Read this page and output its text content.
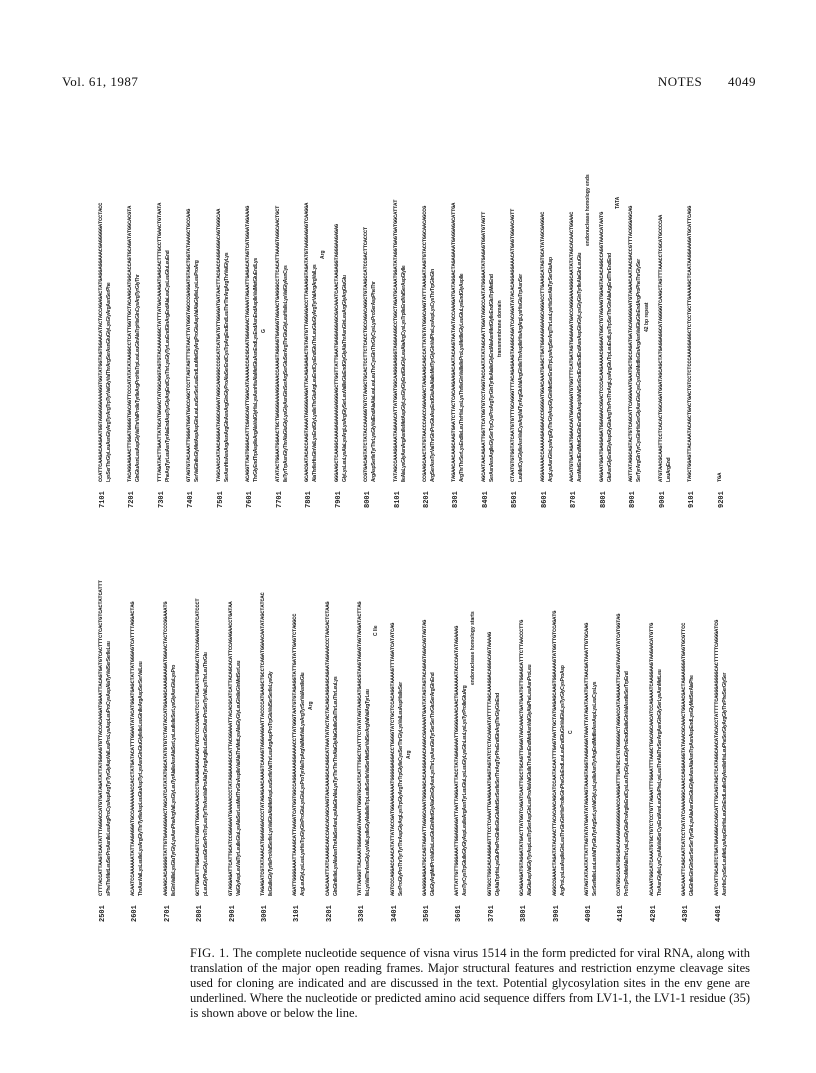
Vol. 61, 1987	NOTES 4049
2501
CTTTACCATTAAGTCAATATTTAGGACCATGTGATAGATATTATGGAAGTGTTACCACAAGATGGAATTACAGTGATGTCACTTTCTCACTGTCACTATCATTT sPheThrMetLeuSerProAsnIleLeuArgProCysAspArgTyrTyrGlyAspValLeuProLysAspLeuProCysAspAlaTyrValSerSerIleLeu
2601
ACAATCCAAAAAATATTAAGAGGATGCCAAAAAAACCACCTATGATACATTTGGAATATACATGGATGAGCTATTATGGGAGTCATTTTAGGACTAG ThrAsnValLysLeuIleLysArgGlyThrTyrIleAspLeuGluAspTyrLysAsnGlnGluGlyIleIleLeuGlnIleArgAspSerSerValLeu
2701
AAGAGCACAGGGGTATTGTGAAAGGAACTAGCATCATATATGGCATATGTGTCTAGTACCATGGAAGCAAAGAAAGATGGAACTACTCCCGGAAATG IleGlnValIleLysGluTyrGlyLysAsnPheArgValLysGlyLeuTyrAlaIleAsnAlaSerLysLeuIleIleSerLysGlyAsnGluLysPro
2801
GCTTGGATTTGGACAGTCCTAGGTTGGAAACAACCCTGAAGAGAACAACTACCTCCCAAACTCCTTACAATCTGAGACTATCCAGAAGTATCATCCCT pLeuGlyPheGlyLeuGlnSerProTrpLeuTyrThrAsnValProAlaTyrArgArgIleLeuSerGlnAsnProSerTyrValLysThrLeuThrGlu
2901
GTAGGAGATTCATTGCATCCGGAGAATGAAAACCCTATAGGAAAGCCATTACGGAAATTACACGCATCATTACAGCACATTCCAGAGAACCTGATAA ValGlyAspLeuValTyrLeuIleGluLysAlaSerLeuMetThrGlnAspIleValAlaThrMetLysAlaGlyGlyLeuGlnIleGlnMetSerLeu
3001
TAGAGATCGTATAAACATGGAGAGACCCTATAGAGAACAAAGTCAAAGTAGGAAGAATTACCCCATGAAGCTGCCTCAGATGGAACAATATAGCTATCAC IleGluIleGlyTyrIleProValSerIleLysValGluAlaMetAspLeuSerIleValThrLeuArgAspProTrpGluValSerSerIleLysGly
3101
AGATTGGGGAAATTAAAGCATTAAGATCATGGTGGCCAGGAAAAGGAAAACCTTATGGGTAATGTGTAGAGGTATTGATATTGAGTCTAGGCC ArgLeuGlyLysLeuLysHisTrpGlyGlnProGluLysGluLysProTyrAlaTrpArgValMetValLysArgTyrSerValAsnIleGlu Arg
3201
CAACAAATTATCAAAGCAACCAACACAGCAAGTAACAAAGCACAGGCATAAATATACTACTACAGCAGGAGCAGAATAGAAACCCTAACACTCTAAG GlnGlnIleIleLysAlaAsnThrAlaSerAsnLysAlaGlnAlaLysTyrThrThrThrAlaGlyAlaGluIleGluThrLeuThrLeuLys
3301
TATTAAGGTTACAAATGGGAAAGTAAAATTGGGTGCCATCATTTGGCTCATTTCTATATAGTAAGCATGAGCGTAAGTAGAGTAGTAAGATACTTAG IleLysValThrAsnGlyLysValLysIleGlyAlaIleIleTrpLeuIleSerIleValSerMetSerValSerArgValValArgTyrLeu
C Ile
3401
AGTCCCAGGACCAACATATTATACCGATGGAAGAAAATGGGGGAGGACCTGGGGTATCTGCTCCACAGGTAAAAGTTTAGATCATATCAG SerProGlyProThrTyrTyrThrAspGlyArgLysTrpGlyArgThrTrpGlyIleCysSerThrGlyLysValLeuAspHisIleSer Arg
3501
GAAGGGAGAATGCCAGTAGAATTAGAGCAAATGGGAGCACAAGGAAACAAGACGAAAAATGAATATAGTAGTACAGAGTAGACAGTAGTAG GluGlyArgMetProValGluLeuGluGlnMetGlyAlaGlnGlyAsnLysThrLysAsnGluTyrSerSerThrGluSerArgGlnEnd
3601
AATTATTGTTGGGAAATTGGAGGAGATTAATTAGGAATTACCTATAGAGAAATTGGGGAAACAACTGAAAAAATACCCAATATAGAAAG AsnTyrCysTrpGluIleGlyGlyAspLeuIleArgAsnTyrLeuGluLysLeuGlyLysGlnLeuLysLysTyrProIleGluArg
endonuclease homology starts
3701
GGTGCCTGGCACAAGGAGTTTCCTCAAATTGAAGAAATGAGTAGTATCTCTACAAGATATTTTTAGCAAAGGACAGGACAGTAAAAG GlyAlaTrpHisLysGluPheProGlnIleGluGluMetSerSerIleSerThrArgTyrPheEndGlnArgThrGlyGlnEnd
3801
GCAGAAGATGTAGGATATGACTTATGGTCAGATCAATTGCCTGCAGTTGAGATAACAAACTGATGAATGTTGGAGCATTTCTTAACCCTTG AlaGluAspValGlyTyrAspLeuTrpSerAspGlnLeuProAlaValGluIleThrAsnEndMetAsnValGlyAlaPheLeuAsnProLeu
3901
AGGCCGAAACTAGATATACAACTTACACAACAGCATCCAATACAATTTGAGTAATTGCTATGAGAGCAAGTGGAAAAGTATGGTTGTCCAGATG ArgProLysLeuAspIleGlnLeuThrGlnGlnHisProIleGlnPheGluEndLeuLeuEndGluGlnValGluLysTyrGlyCysProAsp C
4001
AGTAGTATAATATTATTAGTATATGAATATAGAAGTAAAGTAGGTAAGAAGATAAATTATAGATAAATGATTAACGATAAATTGTGCAAG SerSerIleIleLeuLeuValTyrGluTyrArgSerLysValGlyLysLysIleAsnTyrArgEndMetIleAsnAspLysLeuCysLys
4101
CCATGGCCAATGGCGACAAAGAAGGGGGAACCAAGGATTTGATGCCTATGGGGACTAGGACCATAAGAAATTCAAGTAAACATATCATGGTAG ProTrpProMetAlaThrLysLysGlyGluProArgIleEndCysLeuTrpGlyLeuGlyProEndGluIleGlnValAsnIleSerTrpEnd
4201
ACAAATGGCATCAAATGTGCTGTCTCCTGTTAGAATTTGGAATTTAAGCTGACAGCAACATCCAGAAATCAAGGAAGTAAGAACATGTTG ThrAsnGlyIleLysCysAlaValSerCysEndAsnLeuGluPheLysLeuThrAlaThrSerArgAsnGlnGlySerLysAsnMetLeu
4301
GAACAAATTCAGCAATCATCCTCATATCAAAAGGCAAACCAGGAAGGTATAAACGCAAACTGGAACGACTAGAAGGGATGAGTGCGTTCC GluGlnIleGlnGlnSerSerSerTyrGlnLysAlaAsnGlnGluGlyIleAsnAlaAsnTrpAsnAspEndLysGlyMetSerAlaPhe
4401
AATCATTGCAGTCTGATGAAGGACCAGCATTTGCAGTAGCTCATAGGCAACATACACCTATTTTCAGGGAGGGGCACTTTTTCAGGGATCG AsnHisCysSerLeuMetLysAspGlnHisLeuGlnEndLeuIleGlyAsnIleHisLeuPheSerGlyArgGlyThrPheSerGlySer
7101
CCATTCAAGACAAGAATGGTAGGAGGAAAAGGTGGTATGGTAGTGGAACATACTACCAGAGACTATGAGGAGGAAACGAGGGGGATCCTACC LysSerThrGlyLeuAsnGlyArgTyrArgTrpTyrValGlyValThrArgSerAsnGluGlyLysGlyArgAsnSerPhe
7201
TACAGGAGAACTTGGATGGGGTGACAGTTCCCATATATATAAGGCCTCATTGGTTGCTACAAGCATGGCACCAGTGCAGATATGGCACGTA GlnGluAsnLeuAspGlyValThrValProIleTyrIleArgProHisTrpLeuLeuGlnAlaTrpHisGlnCysArgTyrGlyThr
7301
TTTAGATACTTGAATTATGCATGAGACTATGGCAGGTAGTGTACAAAAGGCTATTTATGACAAAGATGAGCACTTTGCCTTGAACTGTAATA PheArgTyrLeuAsnTyrAlaEndAspTyrGlyArgEndCysThrLysGlyTyrLeuEndGlnArgEndAlaLeuCysLeuGluLeuEnd
7401
GTAGTGTACAAATTGGGATGGATGACCAGCTCCTTAGTAGTTTGTAACTTATGGGTAGCCCGAGGATGTAGCTGGTATAAAGCTGCCAAG SerValGlnIleGlyMetAspAspGlnLeuLeuSerSerLeuEndLeuMetGlyArgProGluAspValAlaGlyIleLysLeuProArg
7501
TAGCAACCATAACAGGAATAGGCAGAATAGGCAAGGGCCCGCATCATGATGTTGGAGATGATAACTTACGACCAGGAGGACAGTGGGCAA SerAsnHisAsnArgAsnArgGlnAsnArgGlnGlyProAlaSerEndCysTrpArgEndEndLeuThrThrArgArgThrValGlyLys
7601
ACAGGTTAGTGGGACATTCGAGCAGTTGGACATAAAAACCACGCAATGGAGAACTAGAAATAGAATTGAGACATAGTCATGGAATAGAAAG ThrGlyEndTrpAspIleArgAlaValGlyHisLysAsnHisAlaMetGluAsnEndLysEndAsnEndAspIleValMetGluEndLys G
7701
ATATACTGGAATGGAACTGCTGAGGGAAAAGGAAACCAAAGTAGGAGTGAGAGTAGAACTGAGGGCCTTCACATTAAAGTAGGCAACTGCT IleTyrTrpAsnGlyThrAlaGluGlyLysGlyAsnGlnSerArgSerGluSerArgThrGluGlyLeuHisIleLysValGlyAsnCys
7801
GCAACGATACACCAAGTAAAATAGGGGAAGATTACAGAGAGACTGTAGTGTTAGGAGACCTTAGAAGGTAGATATGTAAGGAGAGTCAAGGA AlaThrIleHisGlnValLysEndGlyLysIleThrGluArgLeuEndCysEndGluThrLeuGluGlyArgTyrValArgArgValLys
Arg
7901
GGGAAGCTCAAGGCAAAGAGAAAAGAGGGAGCTTGGTTATTGAATGAGGAGGAGCGACAAATCAACTAAGAGGTAGGGAAGAGAG GlyLysLeuLysAlaLysArgLysArgGlySerLeuValIleGluEndGlyGlyAlaThrAsnGlnLeuArgGlyArgGluGlu
8001
CCGTGACAGTATCTATACCAAAGGTGTCTAAGCTGCACTCCTTCTCACCTGCCAGACAGGCTGTAAGCCATCCGACTTCACCCT ArgAspSerIleTyrThrLysGlyValEndAlaAlaLeuLeuLeuThrCysGlnThrGlyCysLysProSerAspPheThr
8101
TATAGCCAAAGGAAATAGAAACATTATGGATGGCAAGGGAGGGTAGGAAGGCCTGGCTAGATGCAAATGGATATAGGTGAGTGATGGCATTAT IleAlaLysGlyAsnArgAsnIleMetAspGlyLysGlyGlyEndGluGlyLeuAlaArgCysLysTrpIleEndValSerAspGlyIle
8201
CCGAAGCAACTATGTAACCCAACCAGAAGACTAAGAAGCAGCCATTATGTATGGACAAGTATTTAAAGATAAGTGTACCTGGCAACAGCCG ArgSerAsnTyrValThrGlnProGluAspEndGluAlaAlaIleMetTyrGlyGlnValPheLysAspLysCysThrTrpGlnGln
8301
TAGAACAACAAGCAAGTGAATCTTACTCACAAGAAGACAATACAAGTAATAATACCAAAGATGATAGGACTAGAGAAATGAGGAGACATTGA ArgThrThrSerLysEndIleLeuThrHisLysLysThrIleGlnValIleIleProLysMetIleGlyLeuGluLysEndGlyAspIle
8401
AGCAATAACAGAATTGGTTCATGGTGTCCTAGGTACCAATATATAGCAATTGGATAGGCCAATATGGGAATATGAGAGTGGATGTAGTT SerAsnAsnArgIleGlySerTrpCysProArgTyrGlnTyrIleAlaIleGlyEndAlaAsnMetGlyIleEndGluTrpMetEnd transmembrane domain
8501
CTAATGTGTGGTATCAATGTGTTTGCAGGGTTTACAGAGAAGTAAGGCAGATCACAGATATACACAGGAGGAAACATGAGTGGAACAGTT LeuMetCysGlyIleAsnValCysArgValTyrArgGluValArgGlnIleThrAspIleHisArgArgLysHisGluTrpAsnSer
8601
AGGAAAAACCAAAAAGAGGAACCGGGGATGGACAAATGAGCTGATGGAAGAGAAGCAGGACCTTGAAGCATAGTGCATATAGCGAGGAC ArgLysAsnGlnLysArgGlyThrGlyAspGlyGlnMetSerEndTrpLysArgSerArgThrLeuLysHisSerAlaTyrSerGluAsp
8701
AACATGTGATAGATGGAACAATGAGAAGATGTGGTTTCATGATAGTGAGAAATGACCAGGGAAAGGGCAATATATAGCACAACTGGAAC AsnMetEndEndMetGluGlnEndGluAspValValSerEndEndEndEndAsnAspGlnGlyLysGlyGlnTyrIleAlaGlnLeuGlu
endonuclease homology ends
8801
GAGAATGGATGAGGAGATGGAGAACGGACTCCCACAAGAAAACGGGAATGGCTGTAGAAGTGGAGTACACAGGCCAGGTAAACATAATG GluAsnGlyEndGlyAspGlyGluArgThrProThrArgLysArgGluTrpLeuEndLysTrpSerThrGlnAlaArgEndThrEndEnd
TATA
8901
AGTTATAGGCAGTACTGTCAGCATTCAGGAAATGAATGCTGCCAGATGATACAGAGGAATGTAGAACAATAACGACCGTTTACGGGAGCAG SerTyrArgGlnTyrCysGlnHisSerGlyAsnGluCysCysGlnMetIleGlnArgAsnValGluGlnEndArgProPheThrGlySer 42 bp repeat
9001
ATGTAACGCAAGTTCCTCACACTGGCAGATGGATAGCAGCTATGAGGAGGCATAGGGGTCAAGCTAGTTTAAACCTCGCATGCCCCAA LeuArgEnd
9101
TAGCTGGAGTTACAAATACAGCTGACTGACTGTCCTCTCCCAAAGGAGGCTCTCCTGCTTGAAAAGCTCAATAAGGAAAGATGCATTCAGG
9201
TGA
FIG. 1. The complete nucleotide sequence of visna virus 1514 in the form predicted for viral RNA, along with translation of the major open reading frames. Major structural features and restriction enzyme cleavage sites used for cloning are indicated and are discussed in the text. Potential glycosylation sites in the env gene are underlined. Where the nucleotide or predicted amino acid sequence differs from LV1-1, the LV1-1 residue (35) is shown above or below the line.
